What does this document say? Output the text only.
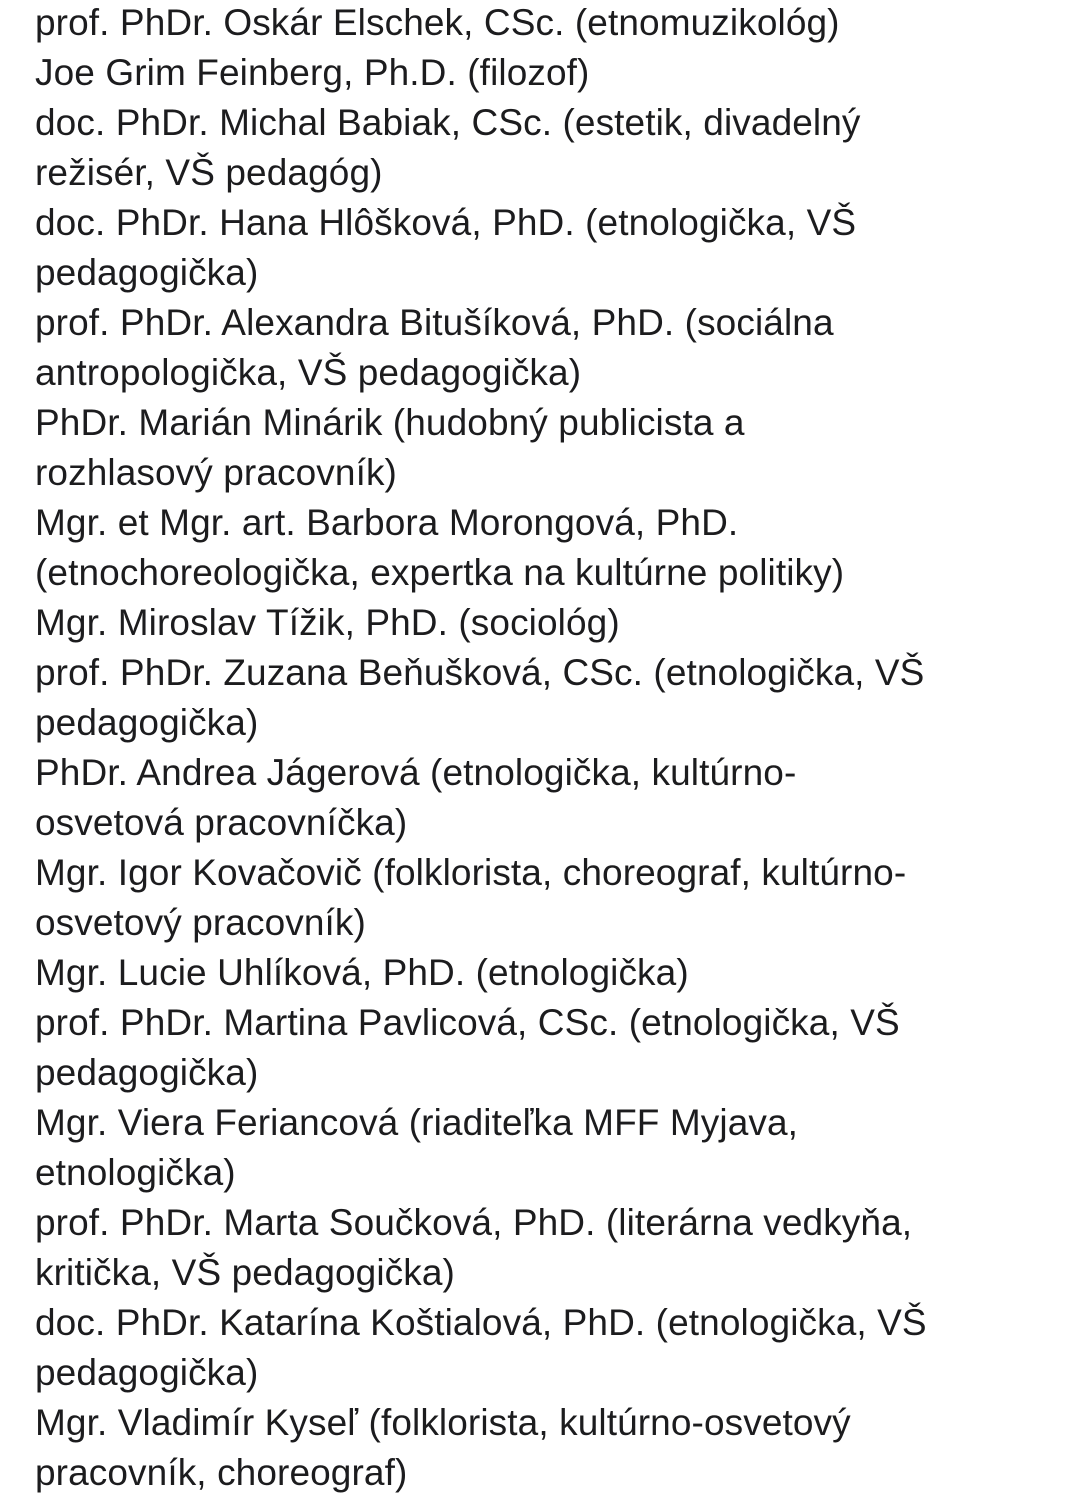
prof. PhDr. Oskár Elschek, CSc. (etnomuzikológ)
Joe Grim Feinberg, Ph.D. (filozof)
doc. PhDr. Michal Babiak, CSc. (estetik, divadelný
režisér, VŠ pedagóg)
doc. PhDr. Hana Hlôšková, PhD. (etnologička, VŠ
pedagogička)
prof. PhDr. Alexandra Bitušíková, PhD. (sociálna
antropologička, VŠ pedagogička)
PhDr. Marián Minárik (hudobný publicista a
rozhlasový pracovník)
Mgr. et Mgr. art. Barbora Morongová, PhD.
(etnochoreologička, expertka na kultúrne politiky)
Mgr. Miroslav Tížik, PhD. (sociológ)
prof. PhDr. Zuzana Beňušková, CSc. (etnologička, VŠ
pedagogička)
PhDr. Andrea Jágerová (etnologička, kultúrno-
osvetová pracovníčka)
Mgr. Igor Kovačovič (folklorista, choreograf, kultúrno-
osvetový pracovník)
Mgr. Lucie Uhlíková, PhD. (etnologička)
prof. PhDr. Martina Pavlicová, CSc. (etnologička, VŠ
pedagogička)
Mgr. Viera Feriancová (riaditeľka MFF Myjava,
etnologička)
prof. PhDr. Marta Součková, PhD. (literárna vedkyňa,
kritička, VŠ pedagogička)
doc. PhDr. Katarína Koštialová, PhD. (etnologička, VŠ
pedagogička)
Mgr. Vladimír Kyseľ (folklorista, kultúrno-osvetový
pracovník, choreograf)
